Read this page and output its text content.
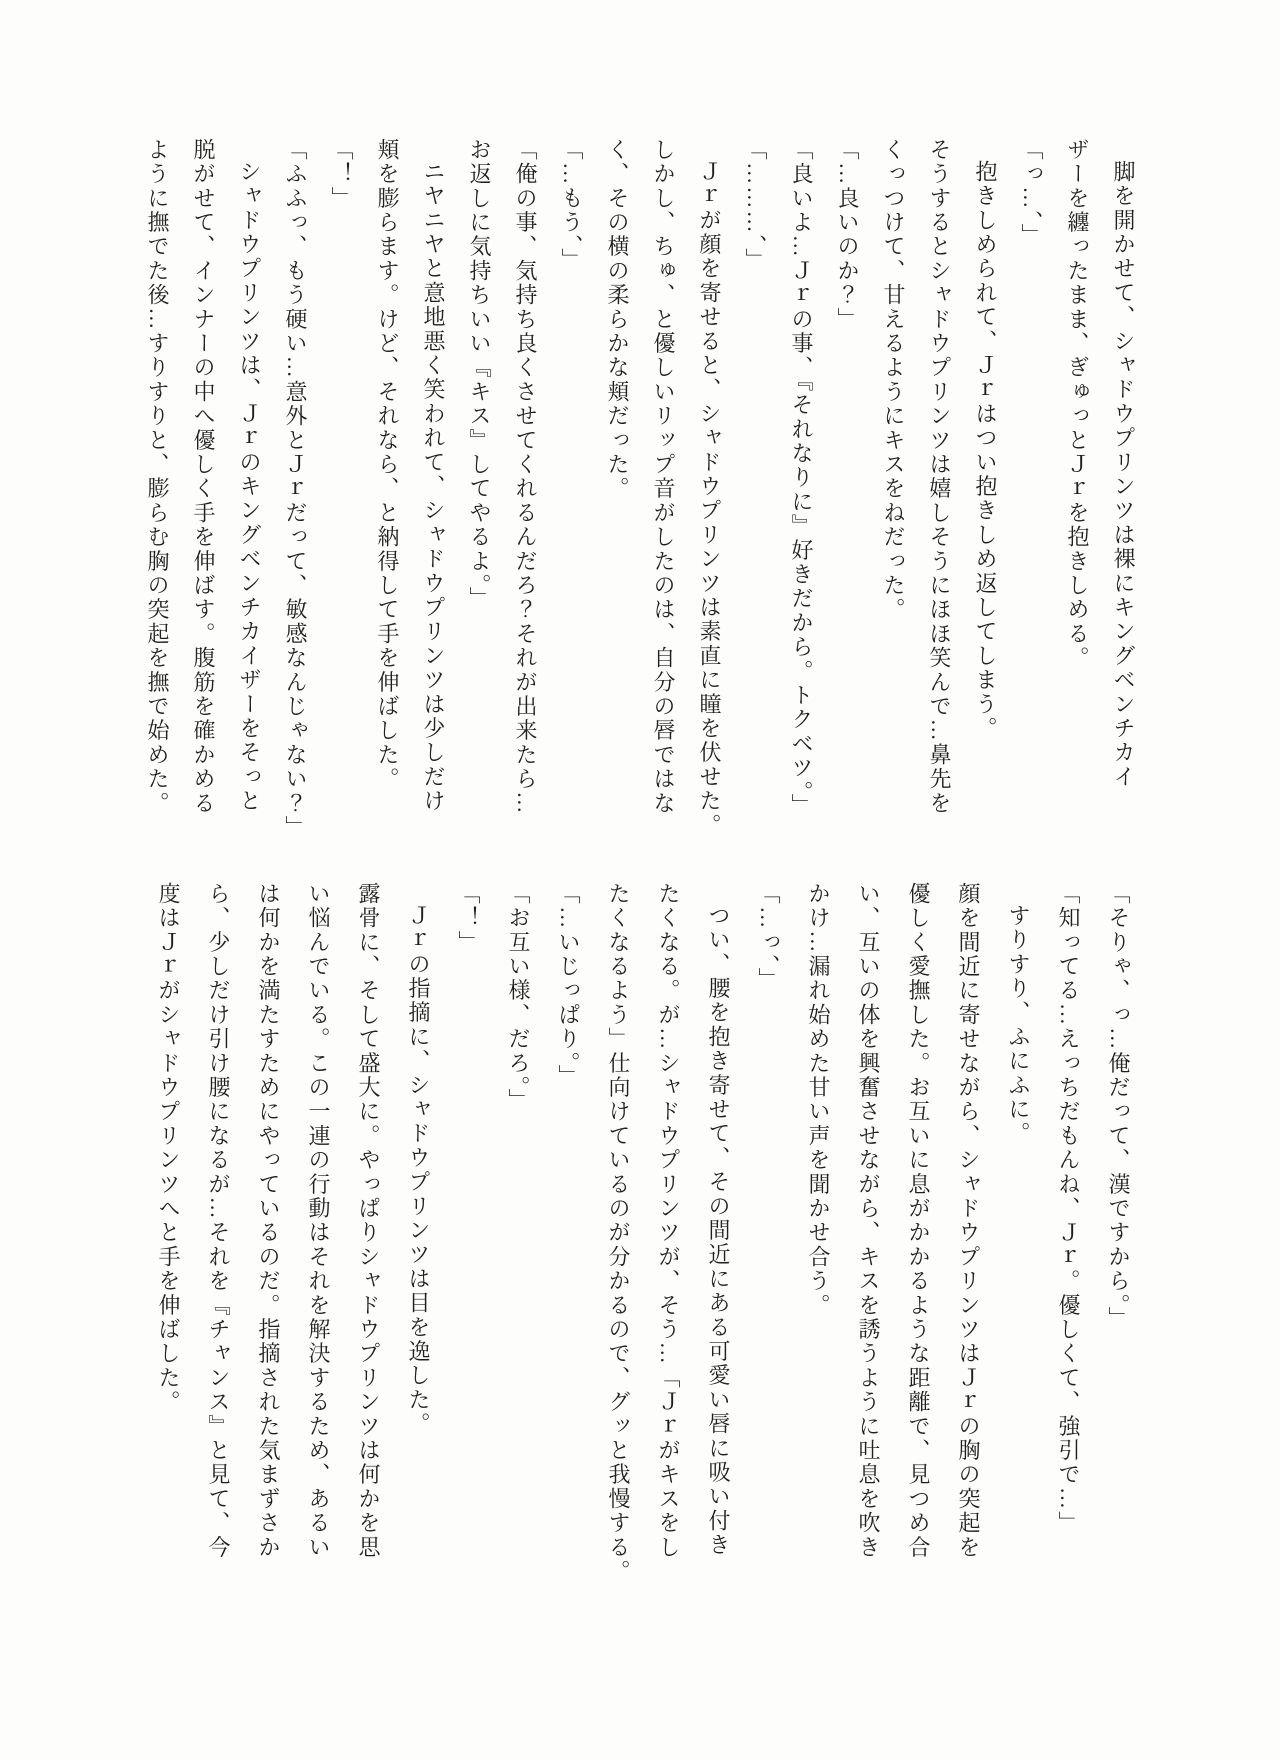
脚を開かせて、シャドウプリンツは裸にキングベンチカイ

ザーを纏ったまま、ぎゅっとＪｒを抱きしめる。

「っ…、」

抱きしめられて、Ｊｒはつい抱きしめ返してしまう。

そうするとシャドウプリンツは嬉しそうにほほ笑んで…鼻先を

くっつけて、甘えるようにキスをねだった。

「…良いのか？」

「良いよ…Ｊｒの事、『それなりに』好きだから。トクベツ。」

「………、」

Ｊｒが顔を寄せると、シャドウプリンツは素直に瞳を伏せた。

しかし、ちゅ、と優しいリップ音がしたのは、自分の唇ではな

く、その横の柔らかな頬だった。

「…もう、」

「俺の事、気持ち良くさせてくれるんだろ？それが出来たら…

お返しに気持ちいい『キス』してやるよ。」

ニヤニヤと意地悪く笑われて、シャドウプリンツは少しだけ

頬を膨らます。けど、それなら、と納得して手を伸ばした。

「！」

「ふふっ、もう硬い…意外とＪｒだって、敏感なんじゃない？」

シャドウプリンツは、Ｊｒのキングベンチカイザーをそっと

脱がせて、インナーの中へ優しく手を伸ばす。腹筋を確かめる

ように撫でた後…すりすりと、膨らむ胸の突起を撫で始めた。

「そりゃ、っ…俺だって、漢ですから。」

「知ってる…えっちだもんね、Ｊｒ。優しくて、強引で…」

すりすり、ふにふに。

顔を間近に寄せながら、シャドウプリンツはＪｒの胸の突起を

優しく愛撫した。お互いに息がかかるような距離で、見つめ合

い、互いの体を興奮させながら、キスを誘うように吐息を吹き

かけ…漏れ始めた甘い声を聞かせ合う。

「…っ、」

つい、腰を抱き寄せて、その間近にある可愛い唇に吸い付き

たくなる。が…シャドウプリンツが、そう…「Ｊｒがキスをし

たくなるよう」仕向けているのが分かるので、グッと我慢する。

「…いじっぱり。」

「お互い様、だろ。」

「！」

Ｊｒの指摘に、シャドウプリンツは目を逸した。

露骨に、そして盛大に。やっぱりシャドウプリンツは何かを思

い悩んでいる。この一連の行動はそれを解決するため、あるい

は何かを満たすためにやっているのだ。指摘された気まずさか

ら、少しだけ引け腰になるが…それを『チャンス』と見て、今

度はＪｒがシャドウプリンツへと手を伸ばした。
